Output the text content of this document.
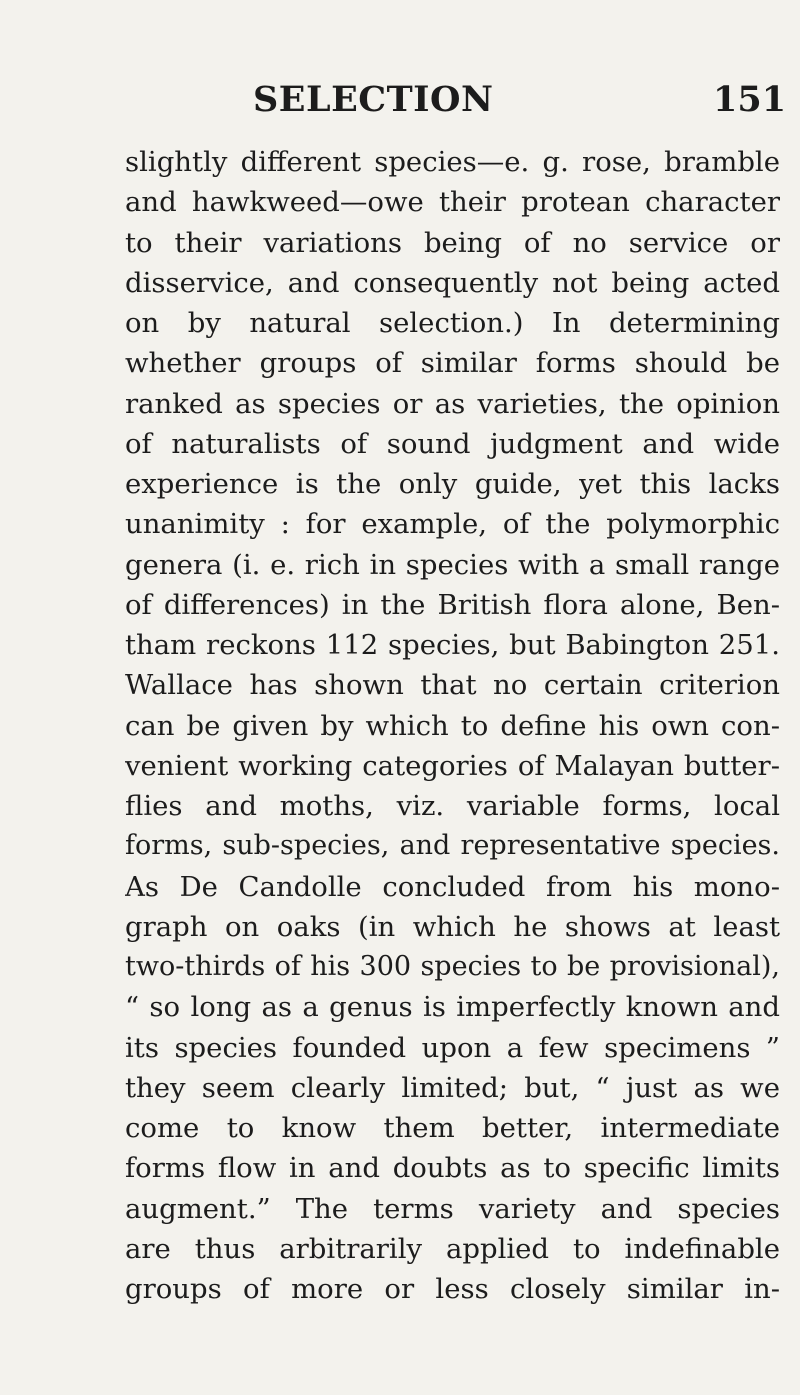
SELECTION	151
slightly different species—e. g. rose, bramble
and hawkweed—owe their protean character
to their variations being of no service or
disservice, and consequently not being acted
on by natural selection.) In determining
whether groups of similar forms should be
ranked as species or as varieties, the opinion
of naturalists of sound judgment and wide
experience is the only guide, yet this lacks
unanimity : for example, of the polymorphic
genera (i. e. rich in species with a small range
of differences) in the British flora alone, Ben-
tham reckons 112 species, but Babington 251.
Wallace has shown that no certain criterion
can be given by which to define his own con-
venient working categories of Malayan butter-
flies and moths, viz. variable forms, local
forms, sub-species, and representative species.
As De Candolle concluded from his mono-
graph on oaks (in which he shows at least
two-thirds of his 300 species to be provisional),
“ so long as a genus is imperfectly known and
its species founded upon a few specimens ”
they seem clearly limited; but, “ just as we
come to know them better, intermediate
forms flow in and doubts as to specific limits
augment.” The terms variety and species
are thus arbitrarily applied to indefinable
groups of more or less closely similar in-
